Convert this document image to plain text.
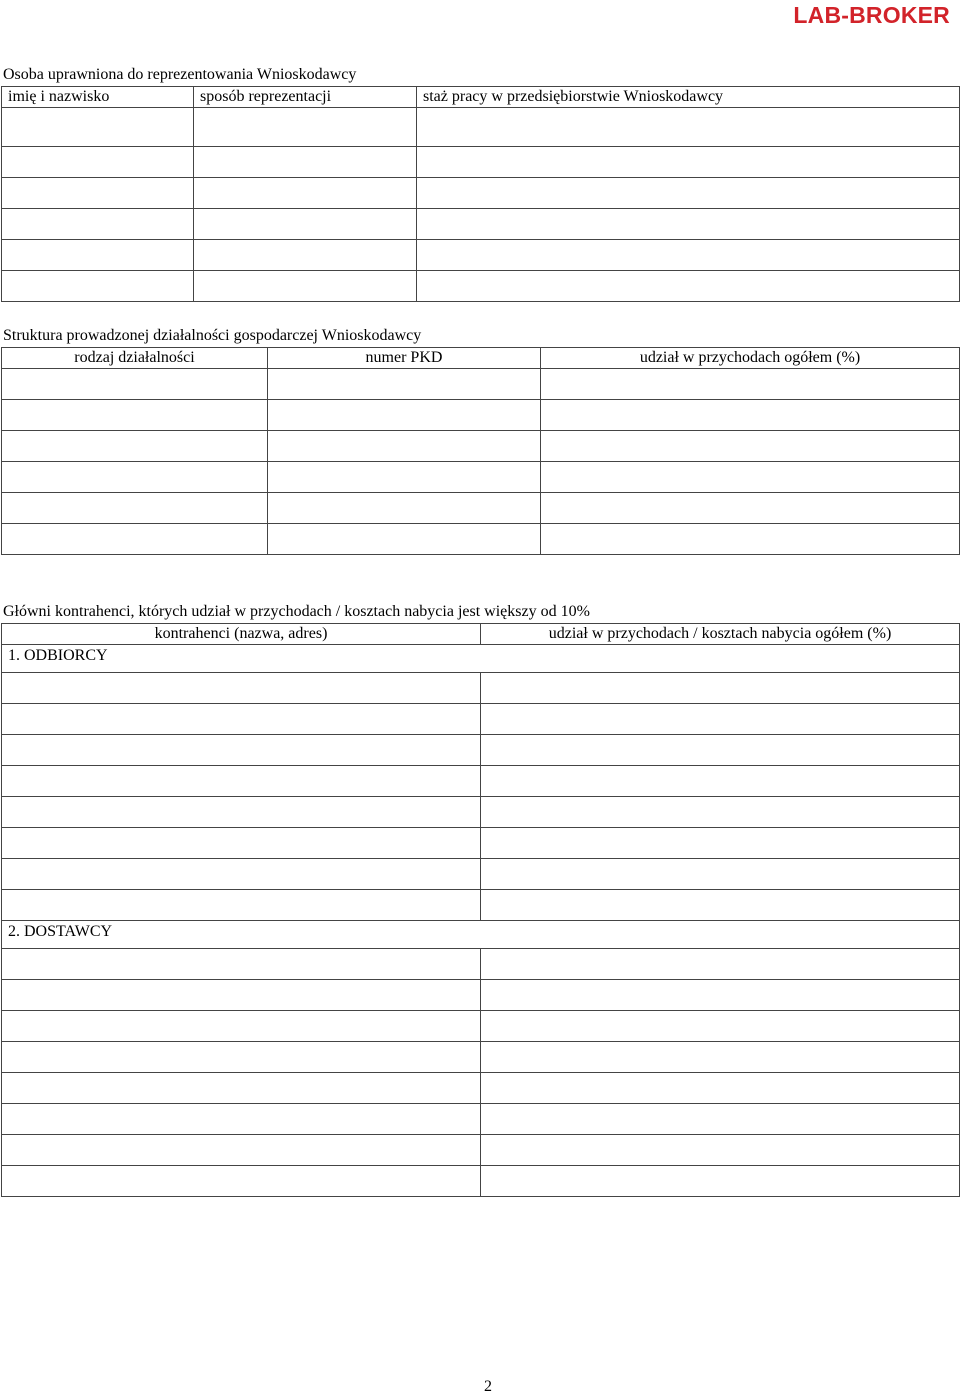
LAB-BROKER
Osoba uprawniona do reprezentowania Wnioskodawcy
imię i nazwisko	sposób reprezentacji	staż pracy w przedsiębiorstwie Wnioskodawcy

Struktura prowadzonej działalności gospodarczej Wnioskodawcy
rodzaj działalności	numer PKD	udział w przychodach ogółem (%)

Główni kontrahenci, których udział w przychodach / kosztach nabycia jest większy od 10%
kontrahenci (nazwa, adres)	udział w przychodach / kosztach nabycia ogółem (%)
1. ODBIORCY	

2. DOSTAWCY	

2
